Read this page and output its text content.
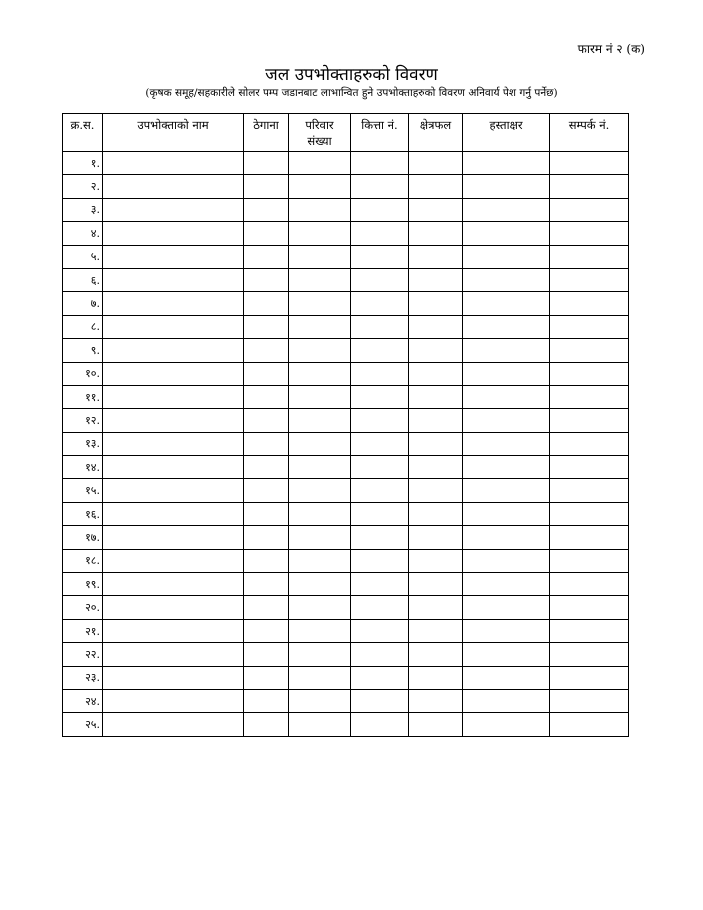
फारम नं २ (क)
जल उपभोक्ताहरुको विवरण
(कृषक समूह/सहकारीले सोलर पम्प जडानबाट लाभान्वित हुने उपभोक्ताहरुको विवरण अनिवार्य पेश गर्नु पर्नेछ)
क्र.स.	उपभोक्ताको नाम	ठेगाना	परिवार संख्या	कित्ता नं.	क्षेत्रफल	हस्ताक्षर	सम्पर्क नं.
१.							
२.							
३.							
४.							
५.							
६.							
७.							
८.							
९.							
१०.							
११.							
१२.							
१३.							
१४.							
१५.							
१६.							
१७.							
१८.							
१९.							
२०.							
२१.							
२२.							
२३.							
२४.							
२५.							
